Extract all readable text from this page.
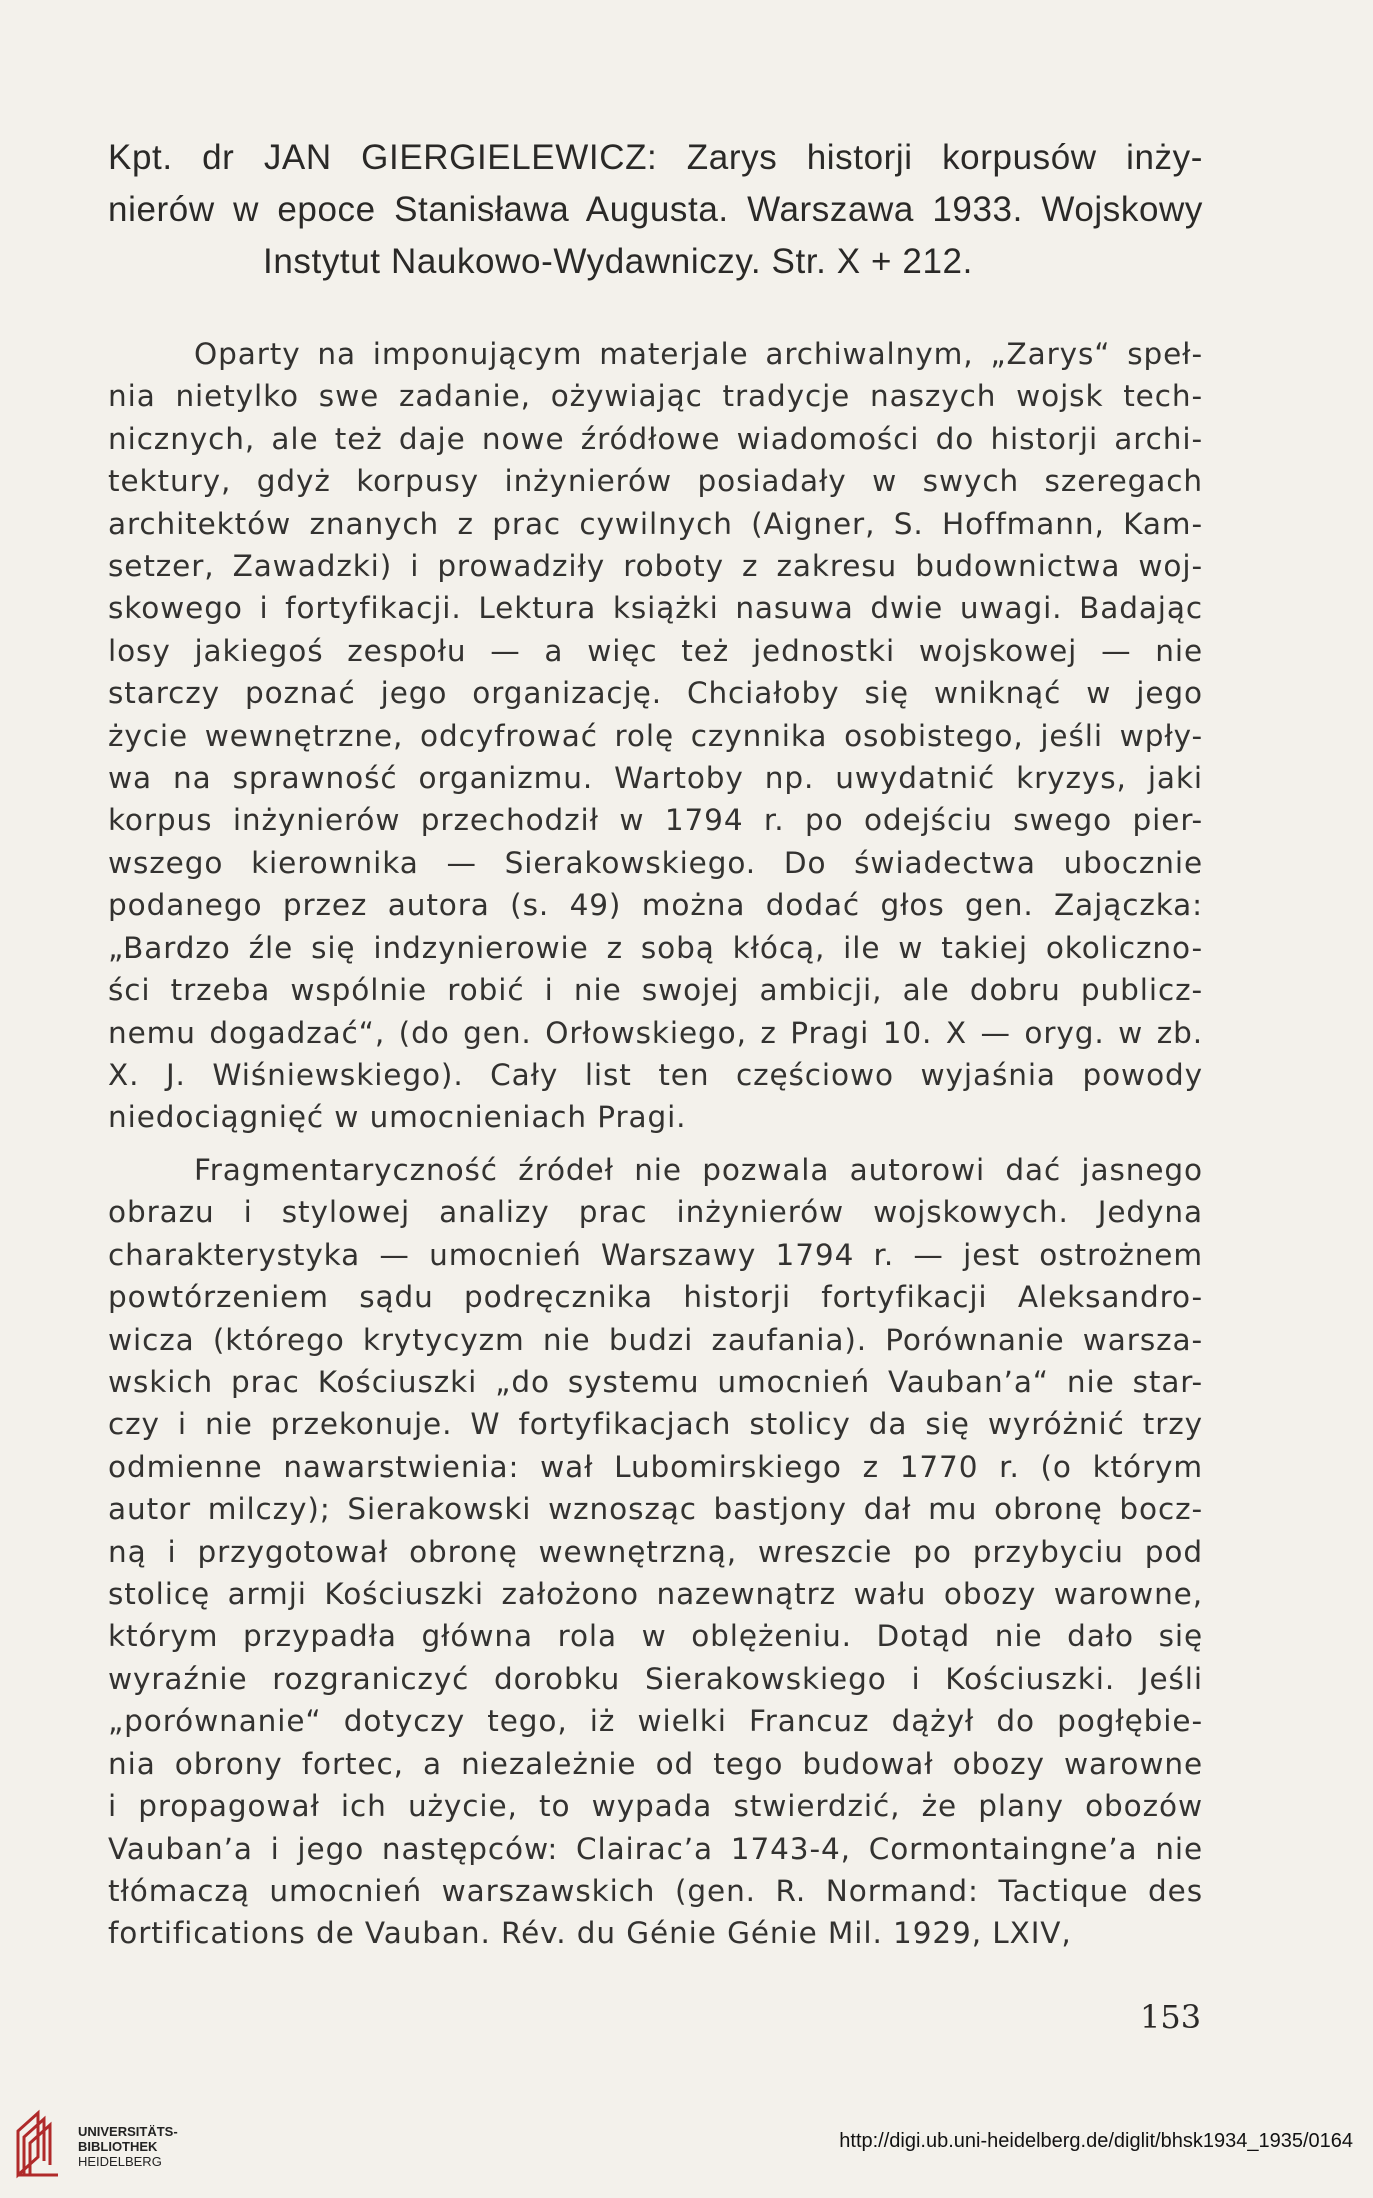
Kpt. dr JAN GIERGIELEWICZ: Zarys historji korpusów inży-
nierów w epoce Stanisława Augusta. Warszawa 1933. Wojskowy
Instytut Naukowo-Wydawniczy. Str. X + 212.
Oparty na imponującym materjale archiwalnym, „Zarys“ speł-
nia nietylko swe zadanie, ożywiając tradycje naszych wojsk tech-
nicznych, ale też daje nowe źródłowe wiadomości do historji archi-
tektury, gdyż korpusy inżynierów posiadały w swych szeregach
architektów znanych z prac cywilnych (Aigner, S. Hoffmann, Kam-
setzer, Zawadzki) i prowadziły roboty z zakresu budownictwa woj-
skowego i fortyfikacji. Lektura książki nasuwa dwie uwagi. Badając
losy jakiegoś zespołu — a więc też jednostki wojskowej — nie
starczy poznać jego organizację. Chciałoby się wniknąć w jego
życie wewnętrzne, odcyfrować rolę czynnika osobistego, jeśli wpły-
wa na sprawność organizmu. Wartoby np. uwydatnić kryzys, jaki
korpus inżynierów przechodził w 1794 r. po odejściu swego pier-
wszego kierownika — Sierakowskiego. Do świadectwa ubocznie
podanego przez autora (s. 49) można dodać głos gen. Zajączka:
„Bardzo źle się indzynierowie z sobą kłócą, ile w takiej okoliczno-
ści trzeba wspólnie robić i nie swojej ambicji, ale dobru publicz-
nemu dogadzać“, (do gen. Orłowskiego, z Pragi 10. X — oryg. w zb.
X. J. Wiśniewskiego). Cały list ten częściowo wyjaśnia powody
niedociągnięć w umocnieniach Pragi.
Fragmentaryczność źródeł nie pozwala autorowi dać jasnego
obrazu i stylowej analizy prac inżynierów wojskowych. Jedyna
charakterystyka — umocnień Warszawy 1794 r. — jest ostrożnem
powtórzeniem sądu podręcznika historji fortyfikacji Aleksandro-
wicza (którego krytycyzm nie budzi zaufania). Porównanie warsza-
wskich prac Kościuszki „do systemu umocnień Vauban’a“ nie star-
czy i nie przekonuje. W fortyfikacjach stolicy da się wyróżnić trzy
odmienne nawarstwienia: wał Lubomirskiego z 1770 r. (o którym
autor milczy); Sierakowski wznosząc bastjony dał mu obronę bocz-
ną i przygotował obronę wewnętrzną, wreszcie po przybyciu pod
stolicę armji Kościuszki założono nazewnątrz wału obozy warowne,
którym przypadła główna rola w oblężeniu. Dotąd nie dało się
wyraźnie rozgraniczyć dorobku Sierakowskiego i Kościuszki. Jeśli
„porównanie“ dotyczy tego, iż wielki Francuz dążył do pogłębie-
nia obrony fortec, a niezależnie od tego budował obozy warowne
i propagował ich użycie, to wypada stwierdzić, że plany obozów
Vauban’a i jego następców: Clairac’a 1743-4, Cormontaingne’a nie
tłómaczą umocnień warszawskich (gen. R. Normand: Tactique des
fortifications de Vauban. Rév. du Génie Génie Mil. 1929, LXIV,
153
UNIVERSITÄTS-
BIBLIOTHEK
HEIDELBERG
http://digi.ub.uni-heidelberg.de/diglit/bhsk1934_1935/0164
